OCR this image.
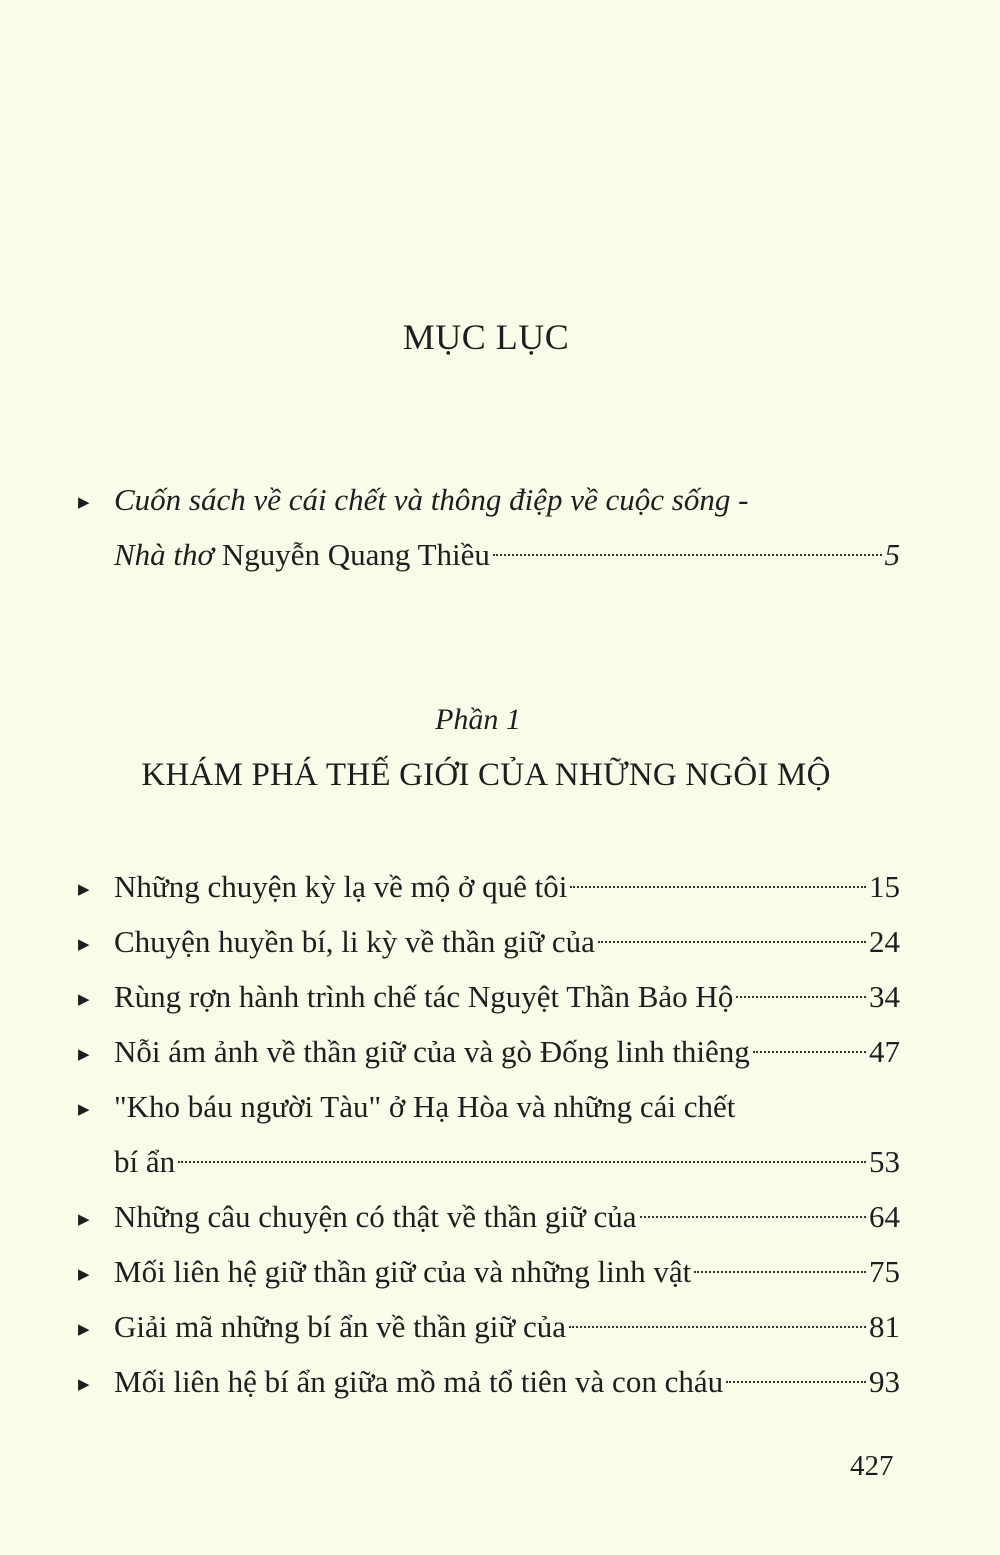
MỤC LỤC
▶ Cuốn sách về cái chết và thông điệp về cuộc sống -
Nhà thơ Nguyễn Quang Thiều	5
Phần 1
KHÁM PHÁ THẾ GIỚI CỦA NHỮNG NGÔI MỘ
▶ Những chuyện kỳ lạ về mộ ở quê tôi	15
▶ Chuyện huyền bí, li kỳ về thần giữ của	24
▶ Rùng rợn hành trình chế tác Nguyệt Thần Bảo Hộ	34
▶ Nỗi ám ảnh về thần giữ của và gò Đống linh thiêng	47
▶ "Kho báu người Tàu" ở Hạ Hòa và những cái chết
bí ẩn	53
▶ Những câu chuyện có thật về thần giữ của	64
▶ Mối liên hệ giữ thần giữ của và những linh vật	75
▶ Giải mã những bí ẩn về thần giữ của	81
▶ Mối liên hệ bí ẩn giữa mồ mả tổ tiên và con cháu	93
427
